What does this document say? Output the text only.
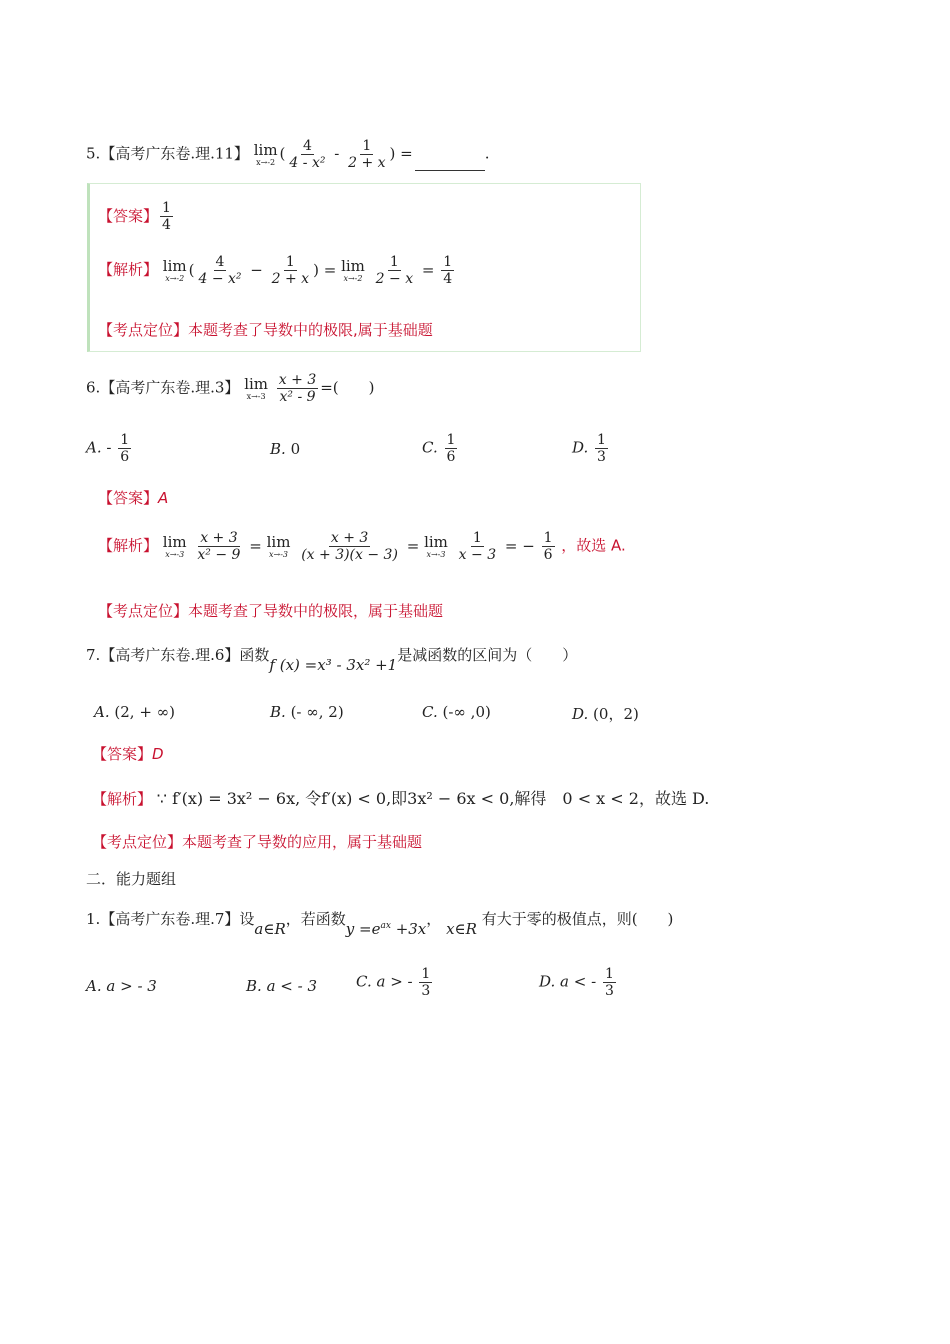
5.【高考广东卷.理.11】 lim
x→-2 ( $\frac{4}{\text{4 - x²}} - \frac{1}{2 + x}$ ) =	.
【答案】 $\frac{1}{4}$
【解析】 lim
x→-2 ( $\frac{4}{\text{4 − x²}} - \frac{1}{2 + x}$ ) = lim
x→-2
$\frac{1}{2 - x} = \frac{1}{4}$
【考点定位】本题考查了导数中的极限,属于基础题
6.【高考广东卷.理.3】 lim
x→-3
$\frac{x + 3}{\text{x² - 9}}$ =(　　)
A. - $\frac{1}{6}$	B. 0	C. $\frac{1}{6}$	D. $\frac{1}{3}$
【答案】A
【解析】 lim
x→-3
$\frac{x + 3}{\text{x² − 9}} = \lim$
x→-3
$\frac{x + 3}{(x + 3)(x - 3)} = \lim$
x→-3
$\frac{1}{x - 3}$ = − $\frac{1}{6}$ ，故选 A.
【考点定位】本题考查了导数中的极限，属于基础题
7.【高考广东卷.理.6】函数f (x) =x³ - 3x² +1是减函数的区间为（　　）
A. (2, + ∞)	B. (- ∞, 2)	C. (-∞ ,0)	D. (0，2)
【答案】D
【解析】 ∵ f′(x) = 3x² − 6x, 令f′(x) < 0,即3x² − 6x < 0,解得　0 < x < 2，故选 D.
【考点定位】本题考查了导数的应用，属于基础题
二．能力题组
1.【高考广东卷.理.7】设a∈R，若函数$y =e^{ax} +3x$， x∈R 有大于零的极值点，则(　　)
A. a > - 3	B. a < - 3	C. a > - $\frac{1}{3}$	D. a < - $\frac{1}{3}$
